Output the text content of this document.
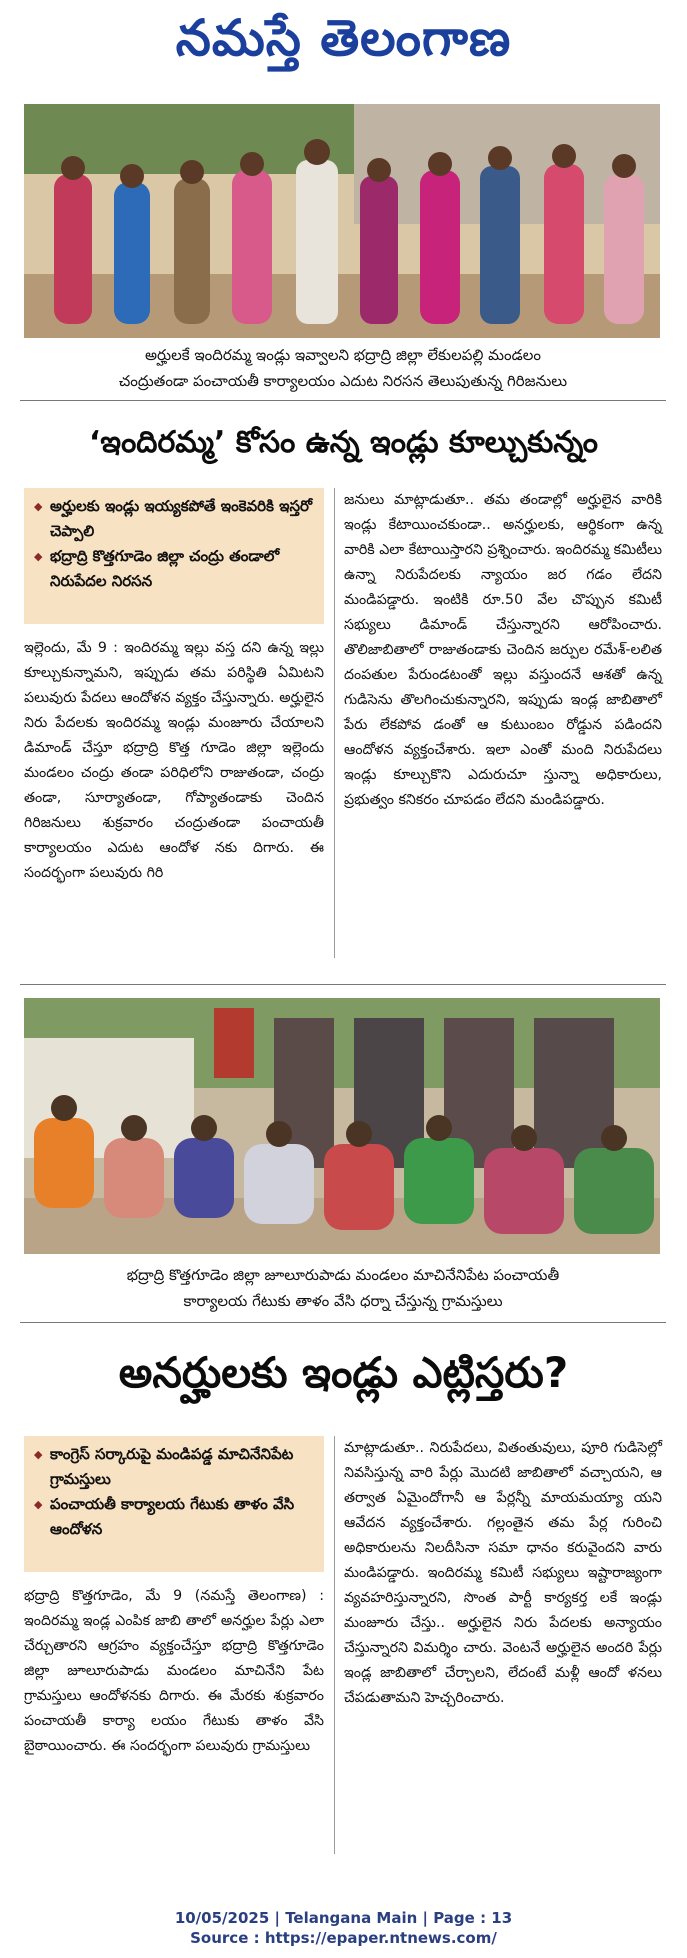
నమస్తే తెలంగాణ
అర్హులకే ఇందిరమ్మ ఇండ్లు ఇవ్వాలని భద్రాద్రి జిల్లా లేకులపల్లి మండలం
చంద్రుతండా పంచాయతీ కార్యాలయం ఎదుట నిరసన తెలుపుతున్న గిరిజనులు
‘ఇందిరమ్మ’ కోసం ఉన్న ఇండ్లు కూల్చుకున్నం
◆ అర్హులకు ఇండ్లు ఇయ్యకపోతే ఇంకెవరికి ఇస్తరో చెప్పాలి
◆ భద్రాద్రి కొత్తగూడెం జిల్లా చంద్రు తండాలో నిరుపేదల నిరసన

ఇల్లెందు, మే 9 : ఇందిరమ్మ ఇల్లు వస్త దని ఉన్న ఇల్లు కూల్చుకున్నామని, ఇప్పుడు తమ పరిస్థితి ఏమిటని పలువురు పేదలు ఆందోళన వ్యక్తం చేస్తున్నారు. అర్హులైన నిరు పేదలకు ఇందిరమ్మ ఇండ్లు మంజూరు చేయాలని డిమాండ్ చేస్తూ భద్రాద్రి కొత్త గూడెం జిల్లా ఇల్లెందు మండలం చంద్రు తండా పరిధిలోని రాజుతండా, చంద్రు తండా, సూర్యాతండా, గోప్యాతండాకు చెందిన గిరిజనులు శుక్రవారం చంద్రుతండా పంచాయతీ కార్యాలయం ఎదుట ఆందోళ నకు దిగారు. ఈ సందర్భంగా పలువురు గిరి

జనులు మాట్లాడుతూ.. తమ తండాల్లో అర్హులైన వారికి ఇండ్లు కేటాయించకుండా.. అనర్హులకు, ఆర్థికంగా ఉన్న వారికి ఎలా కేటాయిస్తారని ప్రశ్నించారు. ఇందిరమ్మ కమిటీలు ఉన్నా నిరుపేదలకు న్యాయం జర గడం లేదని మండిపడ్డారు. ఇంటికి రూ.50 వేల చొప్పున కమిటీ సభ్యులు డిమాండ్ చేస్తున్నారని ఆరోపించారు. తొలిజాబితాలో రాజుతండాకు చెందిన జర్పుల రమేశ్-లలిత దంపతుల పేరుండటంతో ఇల్లు వస్తుందనే ఆశతో ఉన్న గుడిసెను తొలగించుకున్నారని, ఇప్పుడు ఇండ్ల జాబితాలో పేరు లేకపోవ డంతో ఆ కుటుంబం రోడ్డున పడిందని ఆందోళన వ్యక్తంచేశారు. ఇలా ఎంతో మంది నిరుపేదలు ఇండ్లు కూల్చుకొని ఎదురుచూ స్తున్నా అధికారులు, ప్రభుత్వం కనికరం చూపడం లేదని మండిపడ్డారు.

భద్రాద్రి కొత్తగూడెం జిల్లా జూలూరుపాడు మండలం మాచినేనిపేట పంచాయతీ
కార్యాలయ గేటుకు తాళం వేసి ధర్నా చేస్తున్న గ్రామస్తులు
అనర్హులకు ఇండ్లు ఎట్లిస్తరు?
◆ కాంగ్రెస్ సర్కారుపై మండిపడ్డ మాచినేనిపేట గ్రామస్తులు
◆ పంచాయతీ కార్యాలయ గేటుకు తాళం వేసి ఆందోళన

భద్రాద్రి కొత్తగూడెం, మే 9 (నమస్తే తెలంగాణ) : ఇందిరమ్మ ఇండ్ల ఎంపిక జాబి తాలో అనర్హుల పేర్లు ఎలా చేర్చుతారని ఆగ్రహం వ్యక్తంచేస్తూ భద్రాద్రి కొత్తగూడెం జిల్లా జూలూరుపాడు మండలం మాచినేని పేట గ్రామస్తులు ఆందోళనకు దిగారు. ఈ మేరకు శుక్రవారం పంచాయతీ కార్యా లయం గేటుకు తాళం వేసి బైఠాయించారు. ఈ సందర్భంగా పలువురు గ్రామస్తులు

మాట్లాడుతూ.. నిరుపేదలు, వితంతువులు, పూరి గుడిసెల్లో నివసిస్తున్న వారి పేర్లు మొదటి జాబితాలో వచ్చాయని, ఆ తర్వాత ఏమైందోగానీ ఆ పేర్లన్నీ మాయమయ్యా యని ఆవేదన వ్యక్తంచేశారు. గల్లంతైన తమ పేర్ల గురించి అధికారులను నిలదీసినా సమా ధానం కరువైందని వారు మండిపడ్డారు. ఇందిరమ్మ కమిటీ సభ్యులు ఇష్టారాజ్యంగా వ్యవహరిస్తున్నారని, సొంత పార్టీ కార్యకర్త లకే ఇండ్లు మంజూరు చేస్తు.. అర్హులైన నిరు పేదలకు అన్యాయం చేస్తున్నారని విమర్శిం చారు. వెంటనే అర్హులైన అందరి పేర్లు ఇండ్ల జాబితాలో చేర్చాలని, లేదంటే మళ్లీ ఆందో ళనలు చేపడుతామని హెచ్చరించారు.

10/05/2025 | Telangana Main | Page : 13
Source : https://epaper.ntnews.com/
